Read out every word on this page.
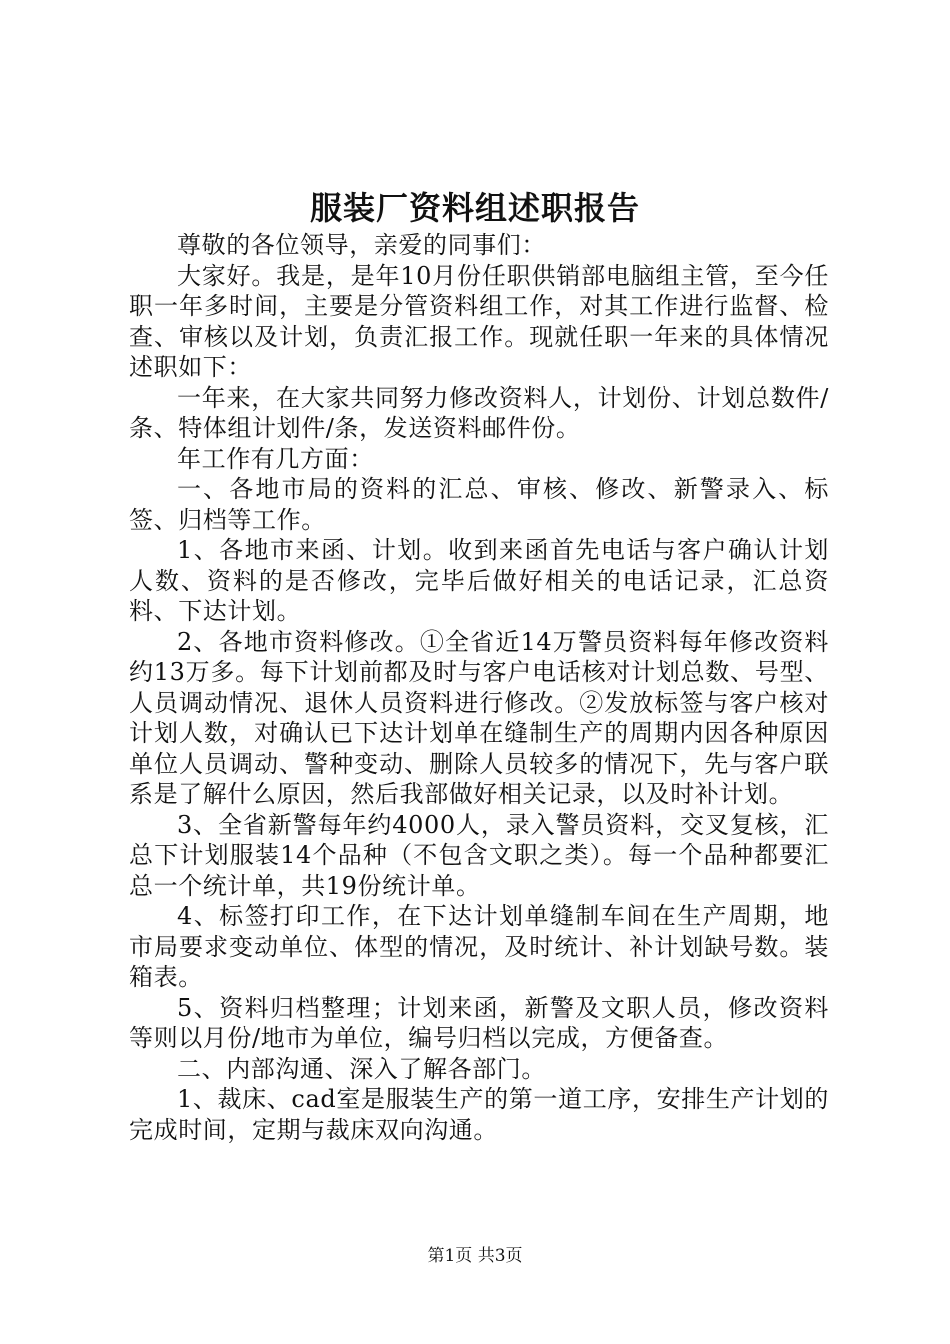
服装厂资料组述职报告

尊敬的各位领导，亲爱的同事们：

大家好。我是，是年10月份任职供销部电脑组主管，至今任职一年多时间，主要是分管资料组工作，对其工作进行监督、检查、审核以及计划，负责汇报工作。现就任职一年来的具体情况述职如下：

一年来，在大家共同努力修改资料人，计划份、计划总数件/条、特体组计划件/条，发送资料邮件份。

年工作有几方面：

一、各地市局的资料的汇总、审核、修改、新警录入、标签、归档等工作。

1、各地市来函、计划。收到来函首先电话与客户确认计划人数、资料的是否修改，完毕后做好相关的电话记录，汇总资料、下达计划。

2、各地市资料修改。①全省近14万警员资料每年修改资料约13万多。每下计划前都及时与客户电话核对计划总数、号型、人员调动情况、退休人员资料进行修改。②发放标签与客户核对计划人数，对确认已下达计划单在缝制生产的周期内因各种原因单位人员调动、警种变动、删除人员较多的情况下，先与客户联系是了解什么原因，然后我部做好相关记录，以及时补计划。

3、全省新警每年约4000人，录入警员资料，交叉复核，汇总下计划服装14个品种（不包含文职之类）。每一个品种都要汇总一个统计单，共19份统计单。

4、标签打印工作，在下达计划单缝制车间在生产周期，地市局要求变动单位、体型的情况，及时统计、补计划缺号数。装箱表。

5、资料归档整理；计划来函，新警及文职人员，修改资料等则以月份/地市为单位，编号归档以完成，方便备查。

二、内部沟通、深入了解各部门。

1、裁床、cad室是服装生产的第一道工序，安排生产计划的完成时间，定期与裁床双向沟通。

第1页 共3页
